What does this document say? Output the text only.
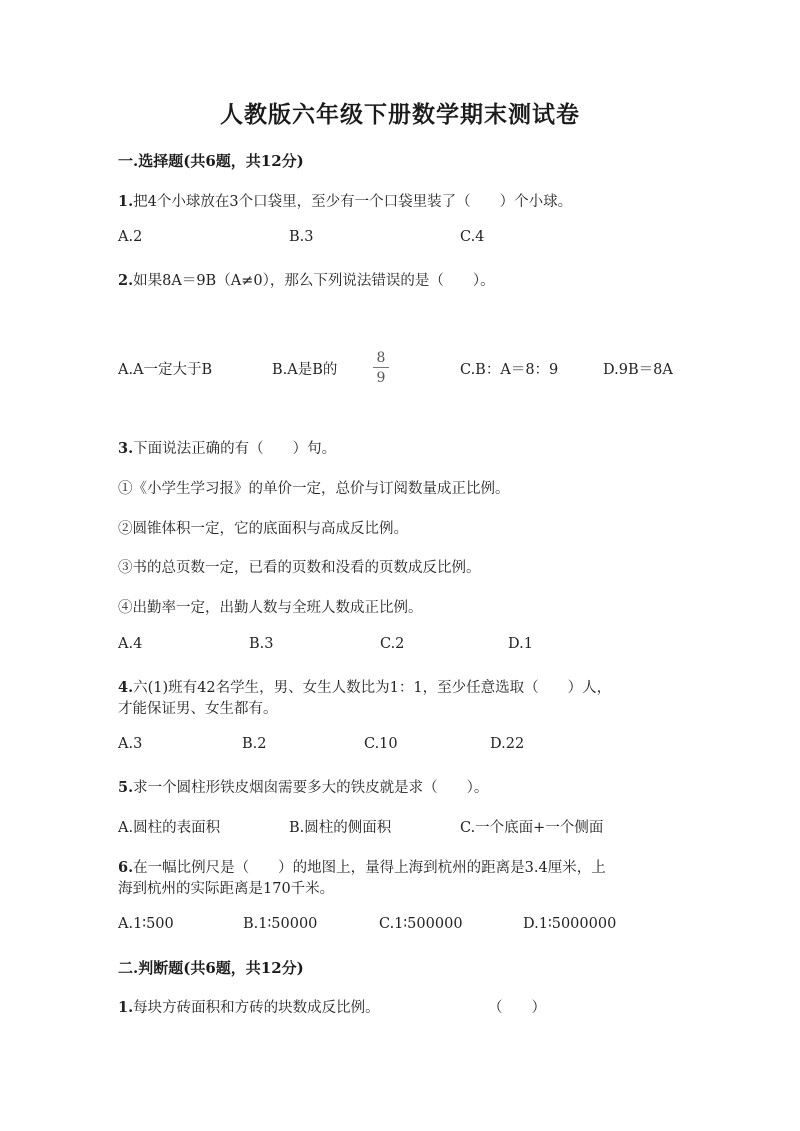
人教版六年级下册数学期末测试卷
一.选择题(共6题，共12分)
1.把4个小球放在3个口袋里，至少有一个口袋里装了（　　）个小球。
A.2	B.3	C.4
2.如果8A＝9B（A≠0），那么下列说法错误的是（　　）。
A.A一定大于B	B.A是B的
8
9	C.B：A＝8：9	D.9B＝8A
3.下面说法正确的有（　　）句。
①《小学生学习报》的单价一定，总价与订阅数量成正比例。
②圆锥体积一定，它的底面积与高成反比例。
③书的总页数一定，已看的页数和没看的页数成反比例。
④出勤率一定，出勤人数与全班人数成正比例。
A.4	B.3	C.2	D.1
4.六(1)班有42名学生，男、女生人数比为1：1，至少任意选取（　　）人，
才能保证男、女生都有。
A.3	B.2	C.10	D.22
5.求一个圆柱形铁皮烟囱需要多大的铁皮就是求（　　）。
A.圆柱的表面积	B.圆柱的侧面积	C.一个底面+一个侧面
6.在一幅比例尺是（　　）的地图上，量得上海到杭州的距离是3.4厘米，上
海到杭州的实际距离是170千米。
A.1∶500	B.1∶50000	C.1∶500000	D.1∶5000000
二.判断题(共6题，共12分)
1.每块方砖面积和方砖的块数成反比例。	（　　）
